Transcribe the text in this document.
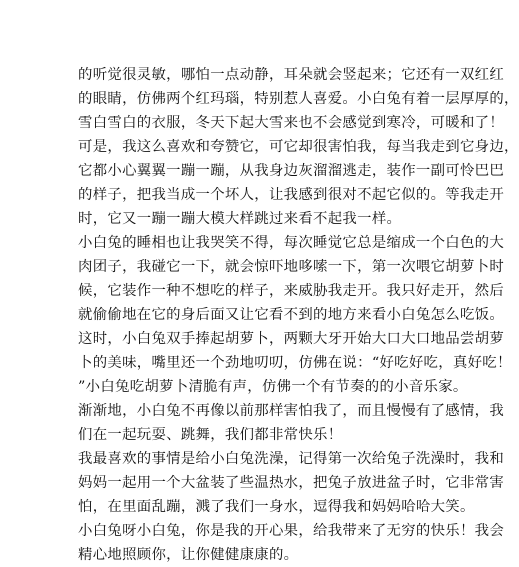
的听觉很灵敏，哪怕一点动静，耳朵就会竖起来；它还有一双红红
的眼睛，仿佛两个红玛瑙，特别惹人喜爱。小白兔有着一层厚厚的，
雪白雪白的衣服，冬天下起大雪来也不会感觉到寒冷，可暖和了！
可是，我这么喜欢和夸赞它，可它却很害怕我，每当我走到它身边，
它都小心翼翼一蹦一蹦，从我身边灰溜溜逃走，装作一副可怜巴巴
的样子，把我当成一个坏人，让我感到很对不起它似的。等我走开
时，它又一蹦一蹦大模大样跳过来看不起我一样。
小白兔的睡相也让我哭笑不得，每次睡觉它总是缩成一个白色的大
肉团子，我碰它一下，就会惊吓地哆嗦一下，第一次喂它胡萝卜时
候，它装作一种不想吃的样子，来威胁我走开。我只好走开，然后
就偷偷地在它的身后面又让它看不到的地方来看小白兔怎么吃饭。
这时，小白兔双手捧起胡萝卜，两颗大牙开始大口大口地品尝胡萝
卜的美味，嘴里还一个劲地叨叨，仿佛在说：“好吃好吃，真好吃！
”小白兔吃胡萝卜清脆有声，仿佛一个有节奏的的小音乐家。
渐渐地，小白兔不再像以前那样害怕我了，而且慢慢有了感情，我
们在一起玩耍、跳舞，我们都非常快乐！
我最喜欢的事情是给小白兔洗澡，记得第一次给兔子洗澡时，我和
妈妈一起用一个大盆装了些温热水，把兔子放进盆子时，它非常害
怕，在里面乱蹦，溅了我们一身水，逗得我和妈妈哈哈大笑。
小白兔呀小白兔，你是我的开心果，给我带来了无穷的快乐！我会
精心地照顾你，让你健健康康的。
